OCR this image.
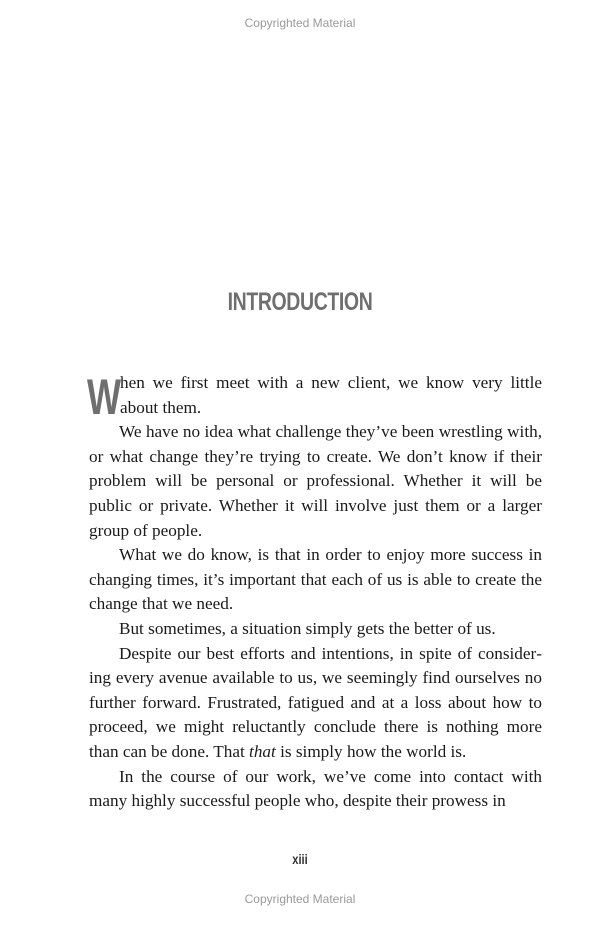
Copyrighted Material
INTRODUCTION

When we first meet with a new client, we know very little about them.

We have no idea what challenge they’ve been wrestling with, or what change they’re trying to create. We don’t know if their problem will be personal or professional. Whether it will be public or private. Whether it will involve just them or a larger group of people.

What we do know, is that in order to enjoy more success in changing times, it’s important that each of us is able to create the change that we need.

But sometimes, a situation simply gets the better of us.

Despite our best efforts and intentions, in spite of considering every avenue available to us, we seemingly find ourselves no further forward. Frustrated, fatigued and at a loss about how to proceed, we might reluctantly conclude there is nothing more than can be done. That that is simply how the world is.

In the course of our work, we’ve come into contact with many highly successful people who, despite their prowess in

xiii
Copyrighted Material
